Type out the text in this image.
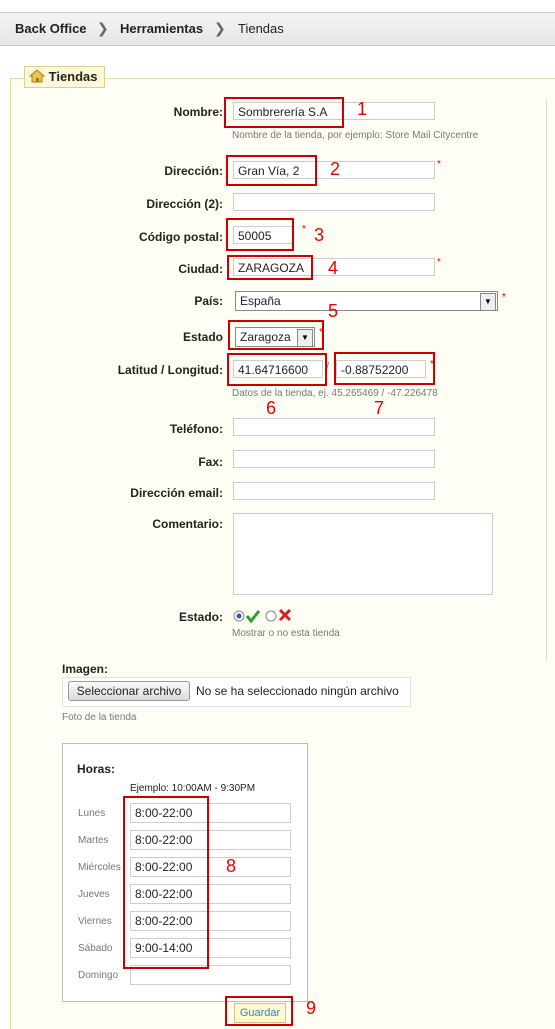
Back Office ❯ Herramientas ❯ Tiendas
Tiendas
Nombre:	Sombrerería S.A	1
Nombre de la tienda, por ejemplo: Store Mail Citycentre
Dirección:	Gran Vía, 2	*
2
Dirección (2):
Código postal:	50005	* 3
Ciudad:	ZARAGOZA	*
4
País:	España	▼	*
5
Estado	Zaragoza	▼	*
Latitud / Longitud:	41.64716600	/ -0.88752200	*
Datos de la tienda, ej. 45.265469 / -47.226478
6	7
Teléfono:
Fax:
Dirección email:
Comentario:
Estado:
Mostrar o no esta tienda
Imagen:
Seleccionar archivo	No se ha seleccionado ningún archivo
Foto de la tienda
Horas:
Ejemplo: 10:00AM - 9:30PM
Lunes	8:00-22:00
Martes	8:00-22:00
Miércoles	8:00-22:00
Jueves	8:00-22:00
Viernes	8:00-22:00
Sábado	9:00-14:00
Domingo
8
Guardar	9
